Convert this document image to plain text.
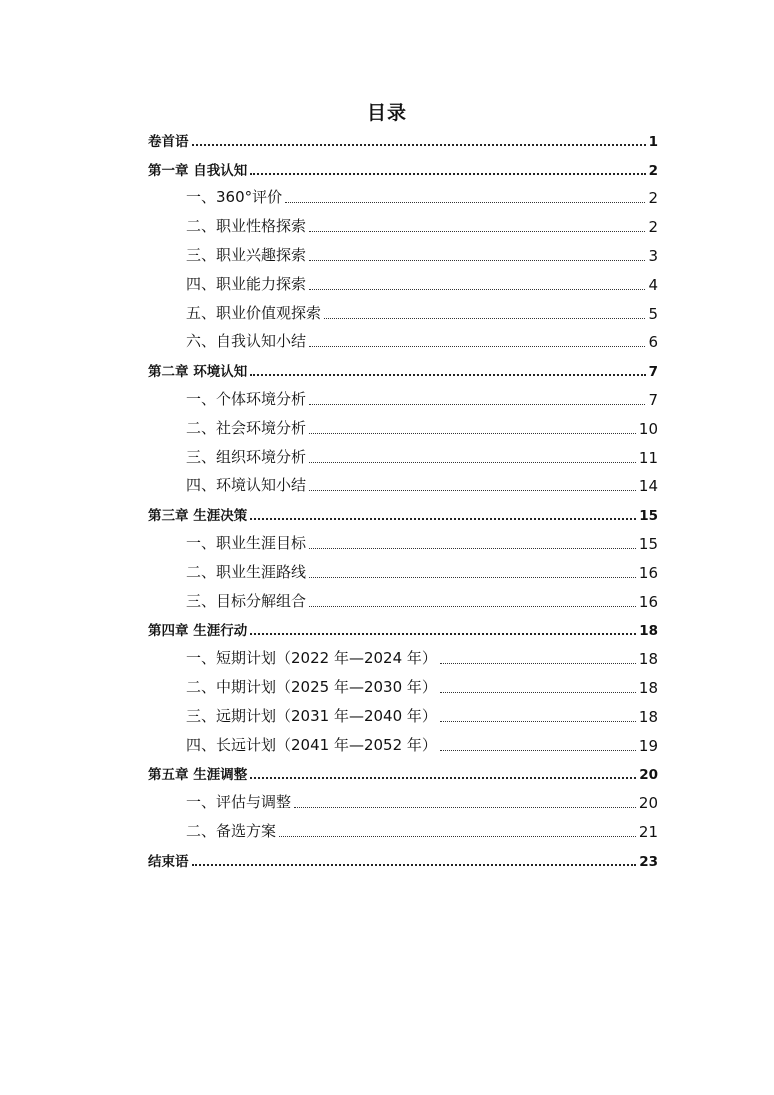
目录
卷首语	1
第一章 自我认知	2
一、360°评价	2
二、职业性格探索	2
三、职业兴趣探索	3
四、职业能力探索	4
五、职业价值观探索	5
六、自我认知小结	6
第二章 环境认知	7
一、个体环境分析	7
二、社会环境分析	10
三、组织环境分析	11
四、环境认知小结	14
第三章 生涯决策	15
一、职业生涯目标	15
二、职业生涯路线	16
三、目标分解组合	16
第四章 生涯行动	18
一、短期计划（2022 年—2024 年）	18
二、中期计划（2025 年—2030 年）	18
三、远期计划（2031 年—2040 年）	18
四、长远计划（2041 年—2052 年）	19
第五章 生涯调整	20
一、评估与调整	20
二、备选方案	21
结束语	23
